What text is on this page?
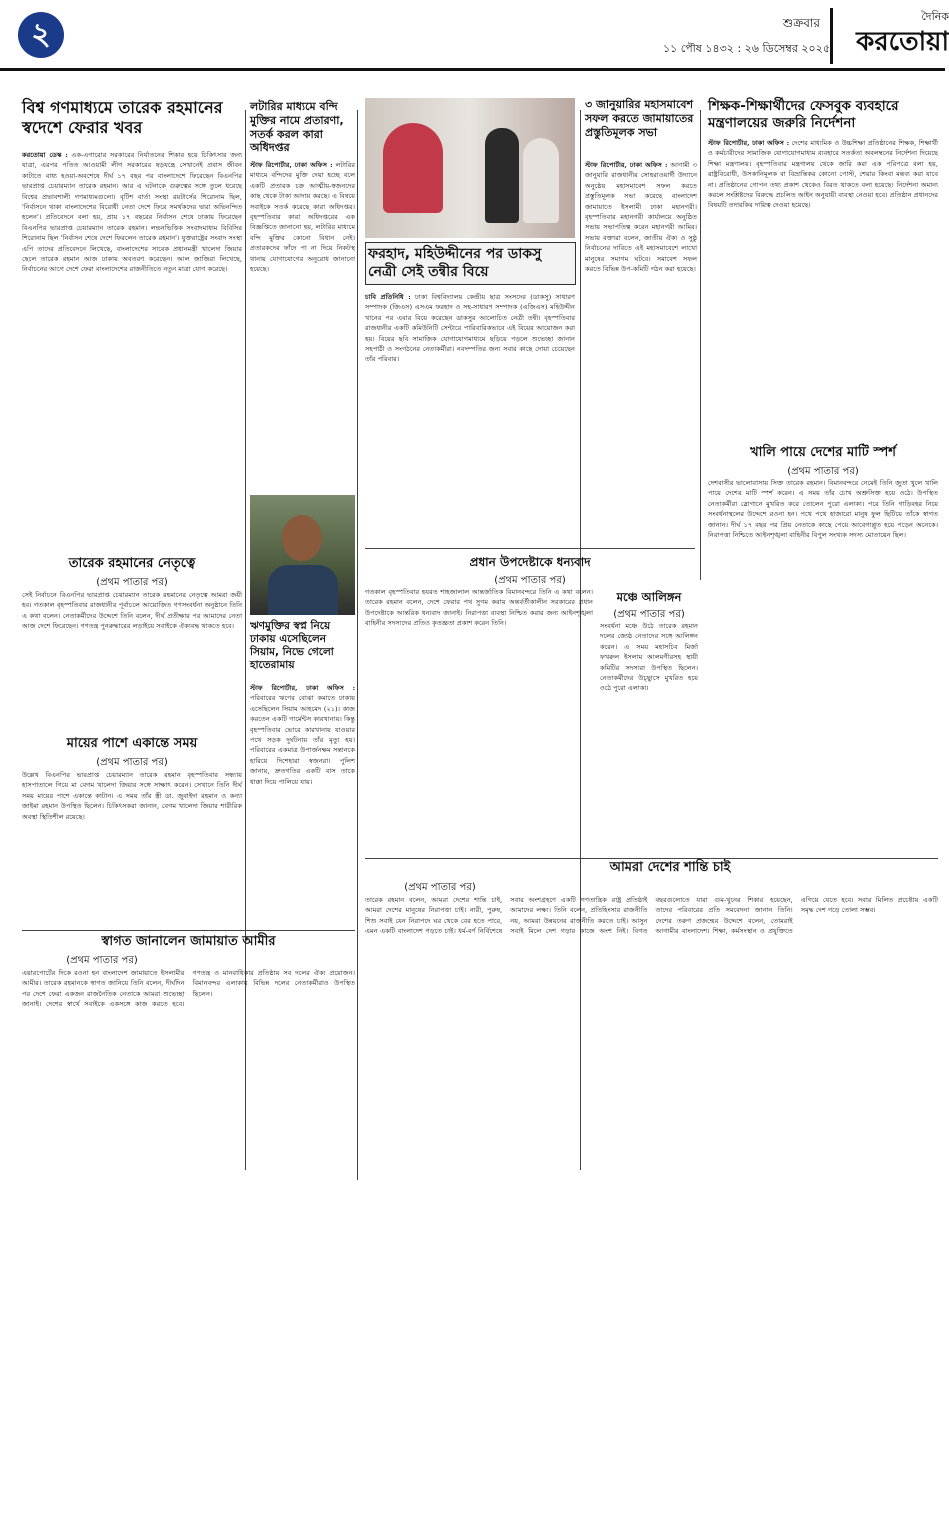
২	শুক্রবার
১১ পৌষ ১৪৩২ : ২৬ ডিসেম্বর ২০২৫
দৈনিক
করতোয়া
বিশ্ব গণমাধ্যমে তারেক রহমানের স্বদেশে ফেরার খবর
করতোয়া ডেস্ক : এক-এগারোর সরকারের নির্যাতনের শিকার হয়ে চিকিৎসার জন্য যাত্রা, এরপর পতিত আওয়ামী লীগ সরকারের ষড়যন্ত্রে সেখানেই প্রবাস জীবন কাটাতে বাধ্য হওয়া-অবশেষে দীর্ঘ ১৭ বছর পর বাংলাদেশে ফিরেছেন বিএনপির ভারপ্রাপ্ত চেয়ারম্যান তারেক রহমান। আর এ ঘটনাকে গুরুত্বের সঙ্গে তুলে ধরেছে বিশ্বের প্রভাবশালী গণমাধ্যমগুলো। বৃটিশ বার্তা সংস্থা রয়টার্সের শিরোনাম ছিল, 'নির্বাসনে থাকা বাংলাদেশের বিরোধী নেতা দেশে ফিরে সমর্থকদের দ্বারা অভিনন্দিত হলেন'। প্রতিবেদনে বলা হয়, প্রায় ১৭ বছরের নির্বাসন শেষে ঢাকায় ফিরেছেন বিএনপির ভারপ্রাপ্ত চেয়ারম্যান তারেক রহমান। লন্ডনভিত্তিক সংবাদমাধ্যম বিবিসির শিরোনাম ছিল 'নির্বাসন শেষে দেশে ফিরলেন তারেক রহমান'। যুক্তরাষ্ট্রের সংবাদ সংস্থা এপি তাদের প্রতিবেদনে লিখেছে, বাংলাদেশের সাবেক প্রধানমন্ত্রী খালেদা জিয়ার ছেলে তারেক রহমান আজ ঢাকায় অবতরণ করেছেন। আল জাজিরা লিখেছে, নির্বাচনের আগে দেশে ফেরা বাংলাদেশের রাজনীতিতে নতুন মাত্রা যোগ করেছে।
তারেক রহমানের নেতৃত্বে
(প্রথম পাতার পর)
সেই নির্বাচনে বিএনপির ভারপ্রাপ্ত চেয়ারম্যান তারেক রহমানের নেতৃত্বে আমরা জয়ী হব। গতকাল বৃহস্পতিবার রাজধানীর পূর্বাচলে আয়োজিত গণসংবর্ধনা অনুষ্ঠানে তিনি এ কথা বলেন। নেতাকর্মীদের উদ্দেশে তিনি বলেন, দীর্ঘ প্রতীক্ষার পর আমাদের নেতা আজ দেশে ফিরেছেন। গণতন্ত্র পুনরুদ্ধারের লড়াইয়ে সবাইকে ঐক্যবদ্ধ থাকতে হবে।
মায়ের পাশে একান্তে সময়
(প্রথম পাতার পর)
উল্লেখ বিএনপির ভারপ্রাপ্ত চেয়ারম্যান তারেক রহমান বৃহস্পতিবার সন্ধ্যায় হাসপাতালে গিয়ে মা বেগম খালেদা জিয়ার সঙ্গে সাক্ষাৎ করেন। সেখানে তিনি দীর্ঘ সময় মায়ের পাশে একান্তে কাটান। এ সময় তাঁর স্ত্রী ডা. জুবাইদা রহমান ও কন্যা জাইমা রহমান উপস্থিত ছিলেন। চিকিৎসকরা জানান, বেগম খালেদা জিয়ার শারীরিক অবস্থা স্থিতিশীল রয়েছে।
লটারির মাধ্যমে বন্দি মুক্তির নামে প্রতারণা, সতর্ক করল কারা অধিদপ্তর
স্টাফ রিপোর্টার, ঢাকা অফিস : লটারির মাধ্যমে বন্দিদের মুক্তি দেয়া হচ্ছে বলে একটি প্রতারক চক্র আত্মীয়-স্বজনদের কাছ থেকে টাকা আদায় করছে। এ বিষয়ে সবাইকে সতর্ক করেছে কারা অধিদপ্তর। বৃহস্পতিবার কারা অধিদপ্তরের এক বিজ্ঞপ্তিতে জানানো হয়, লটারির মাধ্যমে বন্দি মুক্তির কোনো বিধান নেই। প্রতারকদের ফাঁদে পা না দিয়ে নিকটস্থ থানায় যোগাযোগের অনুরোধ জানানো হয়েছে।
ঋণমুক্তির স্বপ্ন নিয়ে ঢাকায় এসেছিলেন সিয়াম, নিভে গেলো হাতেরামায়
স্টাফ রিপোর্টার, ঢাকা অফিস : পরিবারের ঋণের বোঝা কমাতে ঢাকায় এসেছিলেন সিয়াম আহমেদ (২১)। কাজ করতেন একটি গার্মেন্টস কারখানায়। কিন্তু বৃহস্পতিবার ভোরে কারখানায় যাওয়ার পথে সড়ক দুর্ঘটনায় তাঁর মৃত্যু হয়। পরিবারের একমাত্র উপার্জনক্ষম সন্তানকে হারিয়ে দিশেহারা স্বজনরা। পুলিশ জানায়, দ্রুতগতির একটি বাস তাকে ধাক্কা দিয়ে পালিয়ে যায়।
ফরহাদ, মহিউদ্দীনের পর ডাকসু নেত্রী সেই তন্বীর বিয়ে
চাবি প্রতিনিধি : ঢাকা বিশ্ববিদ্যালয় কেন্দ্রীয় ছাত্র সংসদের (ডাকসু) সাধারণ সম্পাদক (জিএস) এসএম ফরহাদ ও সহ-সাধারণ সম্পাদক (এজিএস) মহিউদ্দীন খানের পর এবার বিয়ে করেছেন ডাকসুর আলোচিত নেত্রী তন্বী। বৃহস্পতিবার রাজধানীর একটি কমিউনিটি সেন্টারে পারিবারিকভাবে এই বিয়ের আয়োজন করা হয়। বিয়ের ছবি সামাজিক যোগাযোগমাধ্যমে ছড়িয়ে পড়লে শুভেচ্ছা জানান সহপাঠী ও সংগঠনের নেতাকর্মীরা। নবদম্পতির জন্য সবার কাছে দোয়া চেয়েছেন তাঁর পরিবার।
৩ জানুয়ারির মহাসমাবেশ সফল করতে জামায়াতের প্রস্তুতিমূলক সভা
স্টাফ রিপোর্টার, ঢাকা অফিস : আগামী ৩ জানুয়ারি রাজধানীর সোহরাওয়ার্দী উদ্যানে অনুষ্ঠেয় মহাসমাবেশ সফল করতে প্রস্তুতিমূলক সভা করেছে বাংলাদেশ জামায়াতে ইসলামী ঢাকা মহানগরী। বৃহস্পতিবার মহানগরী কার্যালয়ে অনুষ্ঠিত সভায় সভাপতিত্ব করেন মহানগরী আমির। সভায় বক্তারা বলেন, জাতীয় ঐক্য ও সুষ্ঠু নির্বাচনের দাবিতে এই মহাসমাবেশে লাখো মানুষের সমাগম ঘটবে। সমাবেশ সফল করতে বিভিন্ন উপ-কমিটি গঠন করা হয়েছে।
শিক্ষক-শিক্ষার্থীদের ফেসবুক ব্যবহারে মন্ত্রণালয়ের জরুরি নির্দেশনা
স্টাফ রিপোর্টার, ঢাকা অফিস : দেশের মাধ্যমিক ও উচ্চশিক্ষা প্রতিষ্ঠানের শিক্ষক, শিক্ষার্থী ও কর্মচারীদের সামাজিক যোগাযোগমাধ্যম ব্যবহারে সতর্কতা অবলম্বনের নির্দেশনা দিয়েছে শিক্ষা মন্ত্রণালয়। বৃহস্পতিবার মন্ত্রণালয় থেকে জারি করা এক পরিপত্রে বলা হয়, রাষ্ট্রবিরোধী, উসকানিমূলক বা বিভ্রান্তিকর কোনো পোস্ট, শেয়ার কিংবা মন্তব্য করা যাবে না। প্রতিষ্ঠানের গোপন তথ্য প্রকাশ থেকেও বিরত থাকতে বলা হয়েছে। নির্দেশনা অমান্য করলে সংশ্লিষ্টদের বিরুদ্ধে প্রচলিত আইন অনুযায়ী ব্যবস্থা নেওয়া হবে। প্রতিষ্ঠান প্রধানদের বিষয়টি তদারকির দায়িত্ব দেওয়া হয়েছে।
খালি পায়ে দেশের মাটি স্পর্শ
(প্রথম পাতার পর)
দেশবাসীর ভালোবাসায় সিক্ত তারেক রহমান। বিমানবন্দরে নেমেই তিনি জুতা খুলে খালি পায়ে দেশের মাটি স্পর্শ করেন। এ সময় তাঁর চোখ অশ্রুসিক্ত হয়ে ওঠে। উপস্থিত নেতাকর্মীরা স্লোগানে মুখরিত করে তোলেন পুরো এলাকা। পরে তিনি গাড়িবহর নিয়ে সংবর্ধনাস্থলের উদ্দেশে রওনা হন। পথে পথে হাজারো মানুষ ফুল ছিটিয়ে তাঁকে স্বাগত জানান। দীর্ঘ ১৭ বছর পর প্রিয় নেতাকে কাছে পেয়ে আবেগাপ্লুত হয়ে পড়েন অনেকে। নিরাপত্তা নিশ্চিতে আইনশৃঙ্খলা বাহিনীর বিপুল সংখ্যক সদস্য মোতায়েন ছিল।
প্রধান উপদেষ্টাকে ধন্যবাদ
(প্রথম পাতার পর)
গতকাল বৃহস্পতিবার হযরত শাহজালাল আন্তর্জাতিক বিমানবন্দরে তিনি এ কথা বলেন। তারেক রহমান বলেন, দেশে ফেরার পথ সুগম করায় অন্তর্বর্তীকালীন সরকারের প্রধান উপদেষ্টাকে আন্তরিক ধন্যবাদ জানাই। নিরাপত্তা ব্যবস্থা নিশ্চিত করার জন্য আইনশৃঙ্খলা বাহিনীর সদস্যদের প্রতিও কৃতজ্ঞতা প্রকাশ করেন তিনি।
মঞ্চে আলিঙ্গন
(প্রথম পাতার পর)
সংবর্ধনা মঞ্চে উঠে তারেক রহমান দলের জ্যেষ্ঠ নেতাদের সঙ্গে আলিঙ্গন করেন। এ সময় মহাসচিব মির্জা ফখরুল ইসলাম আলমগীরসহ স্থায়ী কমিটির সদস্যরা উপস্থিত ছিলেন। নেতাকর্মীদের উচ্ছ্বাসে মুখরিত হয়ে ওঠে পুরো এলাকা।
আমরা দেশের শান্তি চাই
(প্রথম পাতার পর)
তারেক রহমান বলেন, আমরা দেশের শান্তি চাই, আমরা দেশের মানুষের নিরাপত্তা চাই। নারী, পুরুষ, শিশু সবাই যেন নিরাপদে ঘর থেকে বের হতে পারে, এমন একটি বাংলাদেশ গড়তে চাই। ধর্ম-বর্ণ নির্বিশেষে সবার অংশগ্রহণে একটি গণতান্ত্রিক রাষ্ট্র প্রতিষ্ঠাই আমাদের লক্ষ্য। তিনি বলেন, প্রতিহিংসার রাজনীতি নয়, আমরা উন্নয়নের রাজনীতি করতে চাই। আসুন সবাই মিলে দেশ গড়ার কাজে অংশ নিই। বিগত বছরগুলোতে যারা গুম-খুনের শিকার হয়েছেন, তাদের পরিবারের প্রতি সমবেদনা জানান তিনি। দেশের তরুণ প্রজন্মের উদ্দেশে বলেন, তোমরাই আগামীর বাংলাদেশ। শিক্ষা, কর্মসংস্থান ও প্রযুক্তিতে এগিয়ে যেতে হবে। সবার মিলিত প্রচেষ্টায় একটি সমৃদ্ধ দেশ গড়ে তোলা সম্ভব।
স্বাগত জানালেন জামায়াত আমীর
(প্রথম পাতার পর)
এয়ারপোর্টের দিকে রওনা হন বাংলাদেশ জামায়াতে ইসলামীর আমীর। তারেক রহমানকে স্বাগত জানিয়ে তিনি বলেন, দীর্ঘদিন পর দেশে ফেরা একজন রাজনৈতিক নেতাকে আমরা শুভেচ্ছা জানাই। দেশের স্বার্থে সবাইকে একসঙ্গে কাজ করতে হবে। গণতন্ত্র ও মানবাধিকার প্রতিষ্ঠায় সব দলের ঐক্য প্রয়োজন। বিমানবন্দর এলাকায় বিভিন্ন দলের নেতাকর্মীরাও উপস্থিত ছিলেন।
